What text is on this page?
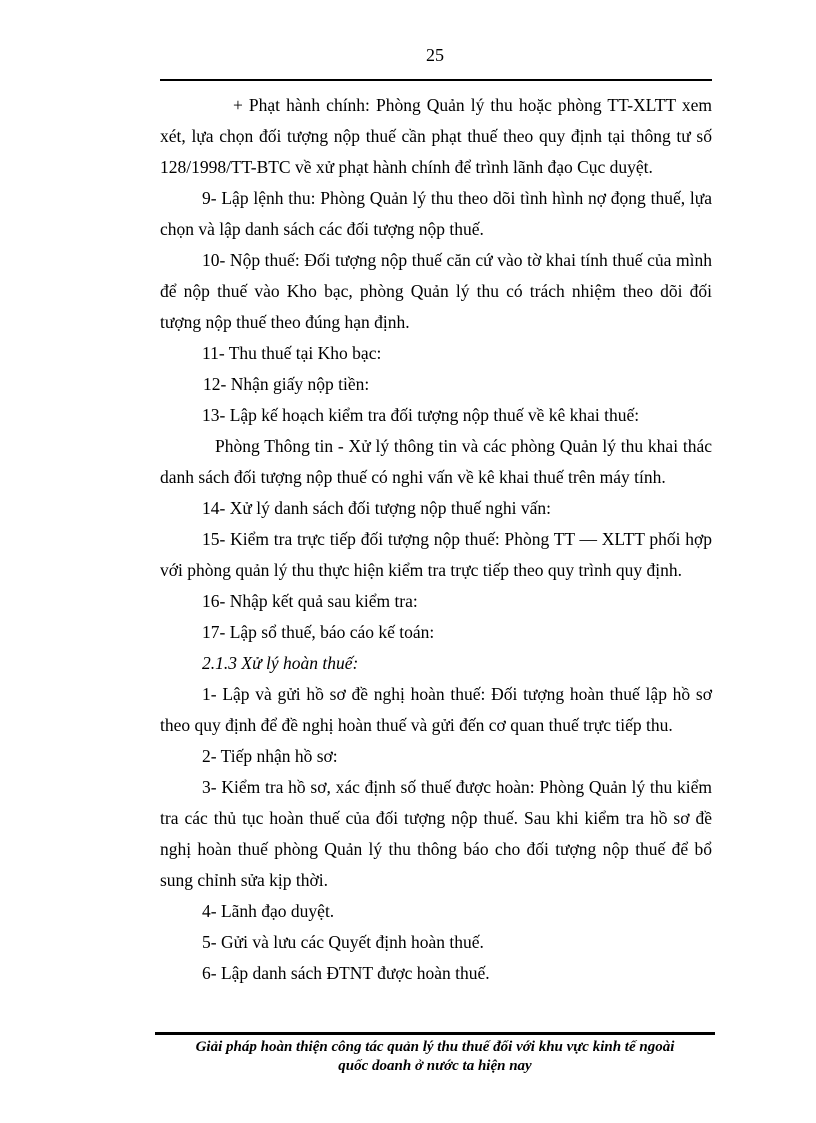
25
+ Phạt hành chính: Phòng Quản lý thu hoặc phòng TT-XLTT xem
xét, lựa chọn đối tượng nộp thuế cần phạt thuế theo quy định tại thông tư số
128/1998/TT-BTC về xử phạt hành chính để trình lãnh đạo Cục duyệt.
9- Lập lệnh thu: Phòng Quản lý thu theo dõi tình hình nợ đọng thuế, lựa
chọn và lập danh sách các đối tượng nộp thuế.
10- Nộp thuế: Đối tượng nộp thuế căn cứ vào tờ khai tính thuế của mình
để nộp thuế vào Kho bạc, phòng Quản lý thu có trách nhiệm theo dõi đối
tượng nộp thuế theo đúng hạn định.
11- Thu thuế tại Kho bạc:
12- Nhận giấy nộp tiền:
13- Lập kế hoạch kiểm tra đối tượng nộp thuế về kê khai thuế:
Phòng Thông tin - Xử lý thông tin và các phòng Quản lý thu khai thác
danh sách đối tượng nộp thuế có nghi vấn về kê khai thuế trên máy tính.
14- Xử lý danh sách đối tượng nộp thuế nghi vấn:
15- Kiểm tra trực tiếp đối tượng nộp thuế: Phòng TT — XLTT phối hợp
với phòng quản lý thu thực hiện kiểm tra trực tiếp theo quy trình quy định.
16- Nhập kết quả sau kiểm tra:
17- Lập sổ thuế, báo cáo kế toán:
2.1.3 Xử lý hoàn thuế:
1- Lập và gửi hồ sơ đề nghị hoàn thuế: Đối tượng hoàn thuế lập hồ sơ
theo quy định để đề nghị hoàn thuế và gửi đến cơ quan thuế trực tiếp thu.
2- Tiếp nhận hồ sơ:
3- Kiểm tra hồ sơ, xác định số thuế được hoàn: Phòng Quản lý thu kiểm
tra các thủ tục hoàn thuế của đối tượng nộp thuế. Sau khi kiểm tra hồ sơ đề
nghị hoàn thuế phòng Quản lý thu thông báo cho đối tượng nộp thuế để bổ
sung chỉnh sửa kịp thời.
4- Lãnh đạo duyệt.
5- Gửi và lưu các Quyết định hoàn thuế.
6- Lập danh sách ĐTNT được hoàn thuế.
Giải pháp hoàn thiện công tác quản lý thu thuế đối với khu vực kinh tế ngoài
quốc doanh ở nước ta hiện nay
